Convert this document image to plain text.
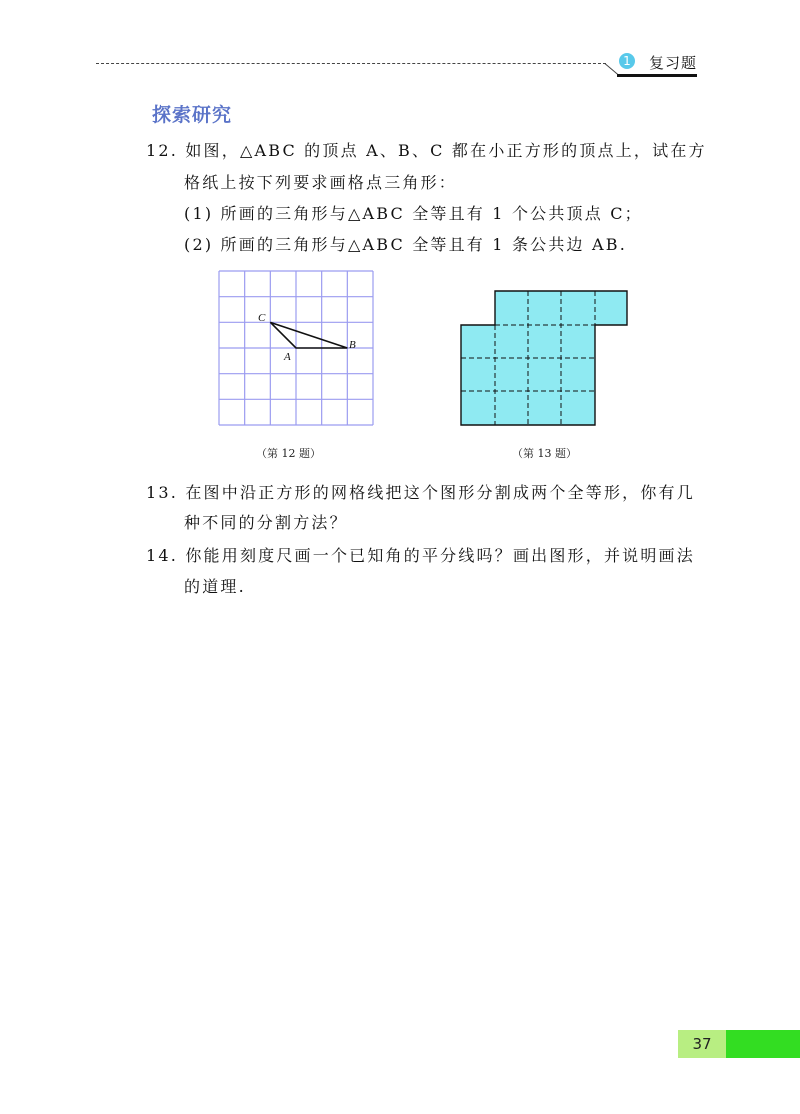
1 复习题
探索研究
12. 如图，△ABC 的顶点 A、B、C 都在小正方形的顶点上，试在方
格纸上按下列要求画格点三角形：
(1) 所画的三角形与△ABC 全等且有 1 个公共顶点 C；
(2) 所画的三角形与△ABC 全等且有 1 条公共边 AB.
C
A
B
（第 12 题）	（第 13 题）
13. 在图中沿正方形的网格线把这个图形分割成两个全等形，你有几
种不同的分割方法？
14. 你能用刻度尺画一个已知角的平分线吗？画出图形，并说明画法
的道理.
37
